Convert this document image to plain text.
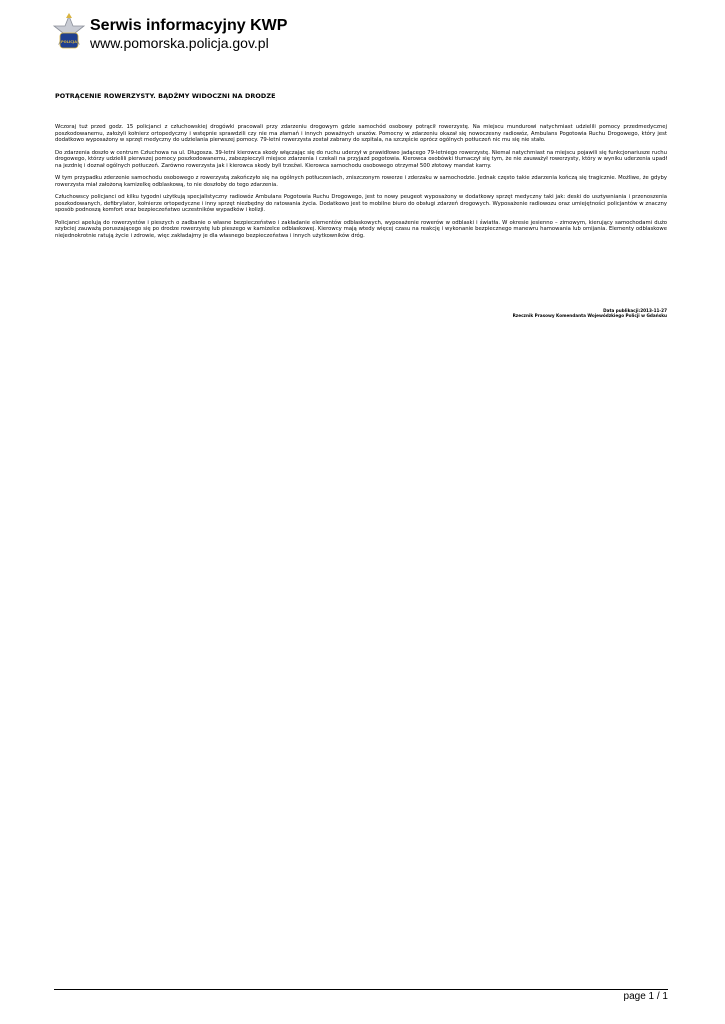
POLICJA
Serwis informacyjny KWP
www.pomorska.policja.gov.pl
POTRĄCENIE ROWERZYSTY. BĄDŹMY WIDOCZNI NA DRODZE

Wczoraj tuż przed godz. 15 policjanci z człuchowskiej drogówki pracowali przy zdarzeniu drogowym gdzie samochód osobowy potrącił rowerzystę. Na miejscu mundurowi natychmiast udzielili pomocy przedmedycznej poszkodowanemu, założyli kołnierz ortopedyczny i wstępnie sprawdzili czy nie ma złamań i innych poważnych urazów. Pomocny w zdarzeniu okazał się nowoczesny radiowóz, Ambulans Pogotowia Ruchu Drogowego, który jest dodatkowo wyposażony w sprzęt medyczny do udzielania pierwszej pomocy. 79-letni rowerzysta został zabrany do szpitala, na szczęście oprócz ogólnych potłuczeń nic mu się nie stało.

Do zdarzenia doszło w centrum Człuchowa na ul. Długosza. 39-letni kierowca skody włączając się do ruchu uderzył w prawidłowo jadącego 79-letniego rowerzystę. Niemal natychmiast na miejscu pojawili się funkcjonariusze ruchu drogowego, którzy udzielili pierwszej pomocy poszkodowanemu, zabezpieczyli miejsce zdarzenia i czekali na przyjazd pogotowia. Kierowca osobówki tłumaczył się tym, że nie zauważył rowerzysty, który w wyniku uderzenia upadł na jezdnię i doznał ogólnych potłuczeń. Zarówno rowerzysta jak i kierowca skody byli trzeźwi. Kierowca samochodu osobowego otrzymał 500 złotowy mandat karny.

W tym przypadku zderzenie samochodu osobowego z rowerzystą zakończyło się na ogólnych potłuczeniach, zniszczonym rowerze i zderzaku w samochodzie. Jednak często takie zdarzenia kończą się tragicznie. Możliwe, że gdyby rowerzysta miał założoną kamizelkę odblaskową, to nie doszłoby do tego zdarzenia.

Człuchowscy policjanci od kilku tygodni użytkują specjalistyczny radiowóz Ambulans Pogotowia Ruchu Drogowego, jest to nowy peugeot wyposażony w dodatkowy sprzęt medyczny taki jak: deski do usztywniania i przenoszenia poszkodowanych, defibrylator, kołnierze ortopedyczne i inny sprzęt niezbędny do ratowania życia. Dodatkowo jest to mobilne biuro do obsługi zdarzeń drogowych. Wyposażenie radiowozu oraz umiejętności policjantów w znaczny sposób podnoszą komfort oraz bezpieczeństwo uczestników wypadków i kolizji.

Policjanci apelują do rowerzystów i pieszych o zadbanie o własne bezpieczeństwo i zakładanie elementów odblaskowych, wyposażenie rowerów w odblaski i światła. W okresie jesienno – zimowym, kierujący samochodami dużo szybciej zauważą poruszającego się po drodze rowerzystę lub pieszego w kamizelce odblaskowej. Kierowcy mają wtedy więcej czasu na reakcję i wykonanie bezpiecznego manewru hamowania lub omijania. Elementy odblaskowe niejednokrotnie ratują życie i zdrowie, więc zakładajmy je dla własnego bezpieczeństwa i innych użytkowników dróg.

Data publikacji:2013-11-27
Rzecznik Prasowy Komendanta Wojewódzkiego Policji w Gdańsku
page 1 / 1
